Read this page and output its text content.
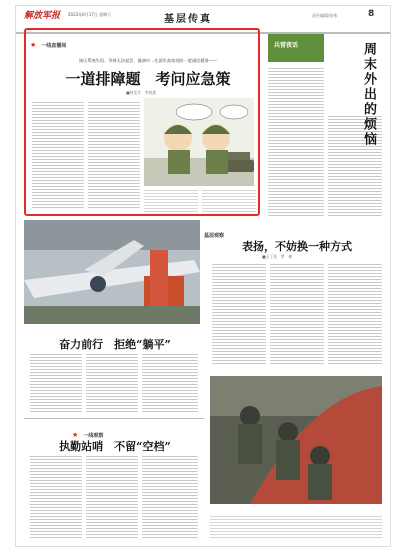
解放军报 2023年6月17日 星期六	基层传真	责任编辑/张伟	8
★ 一线直播间
演压系统失误、导弹无法起竖、操演中…先面军高效攻防一度通信精准——
一道排障题　考问应急策
■何龙兵　李钊波
兵营夜话	周末外出的烦恼
基层观察
表扬，不妨换一种方式
■王丁茂　罗　彬
奋力前行　拒绝“躺平”
★ 一线观察
执勤站哨　不留“空档”
